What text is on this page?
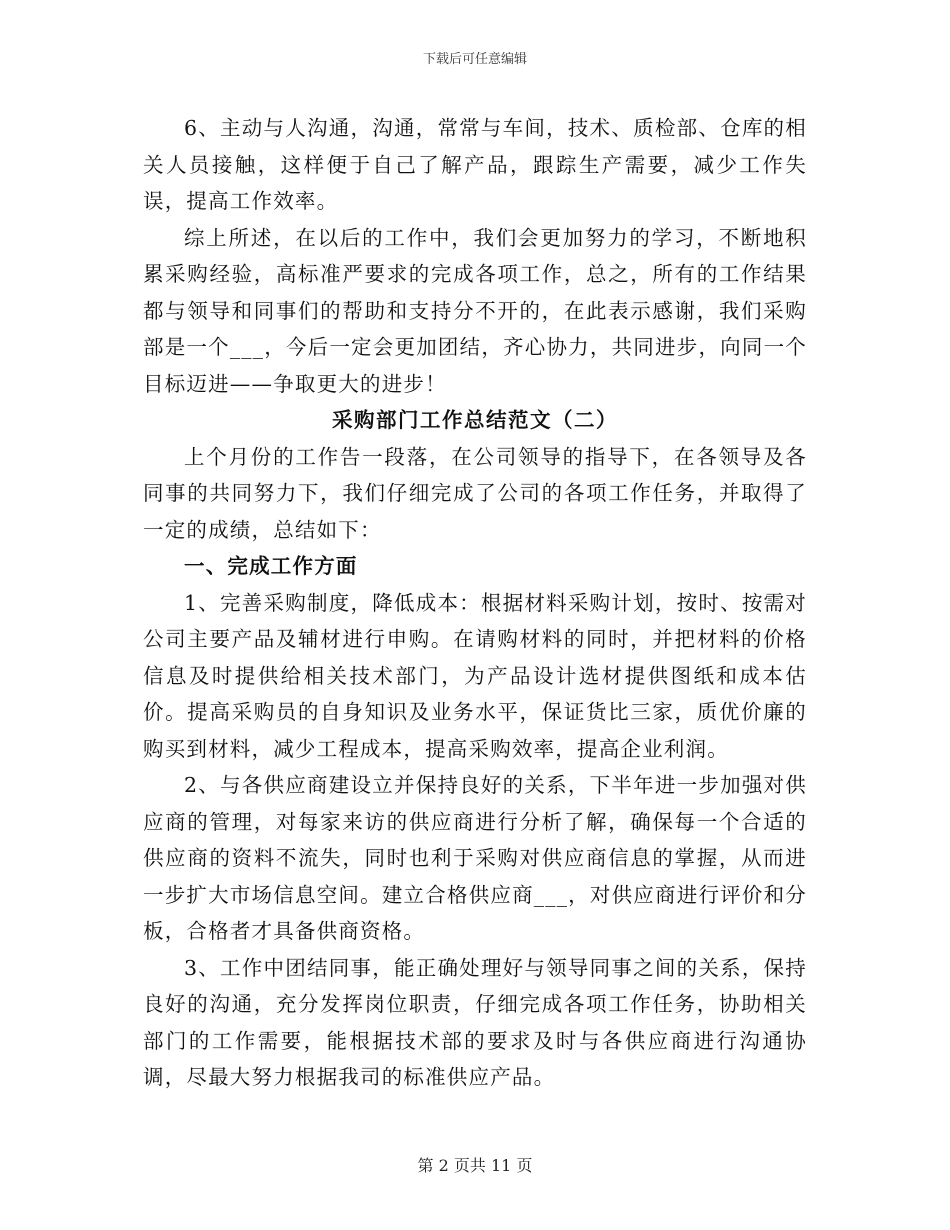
下载后可任意编辑

6、主动与人沟通，沟通，常常与车间，技术、质检部、仓库的相关人员接触，这样便于自己了解产品，跟踪生产需要，减少工作失误，提高工作效率。

综上所述，在以后的工作中，我们会更加努力的学习，不断地积累采购经验，高标准严要求的完成各项工作，总之，所有的工作结果都与领导和同事们的帮助和支持分不开的，在此表示感谢，我们采购部是一个___，今后一定会更加团结，齐心协力，共同进步，向同一个目标迈进——争取更大的进步！

采购部门工作总结范文（二）

上个月份的工作告一段落，在公司领导的指导下，在各领导及各同事的共同努力下，我们仔细完成了公司的各项工作任务，并取得了一定的成绩，总结如下：

一、完成工作方面

1、完善采购制度，降低成本：根据材料采购计划，按时、按需对公司主要产品及辅材进行申购。在请购材料的同时，并把材料的价格信息及时提供给相关技术部门，为产品设计选材提供图纸和成本估价。提高采购员的自身知识及业务水平，保证货比三家，质优价廉的购买到材料，减少工程成本，提高采购效率，提高企业利润。

2、与各供应商建设立并保持良好的关系，下半年进一步加强对供应商的管理，对每家来访的供应商进行分析了解，确保每一个合适的供应商的资料不流失，同时也利于采购对供应商信息的掌握，从而进一步扩大市场信息空间。建立合格供应商___，对供应商进行评价和分板，合格者才具备供商资格。

3、工作中团结同事，能正确处理好与领导同事之间的关系，保持良好的沟通，充分发挥岗位职责，仔细完成各项工作任务，协助相关部门的工作需要，能根据技术部的要求及时与各供应商进行沟通协调，尽最大努力根据我司的标准供应产品。

第 2 页共 11 页
